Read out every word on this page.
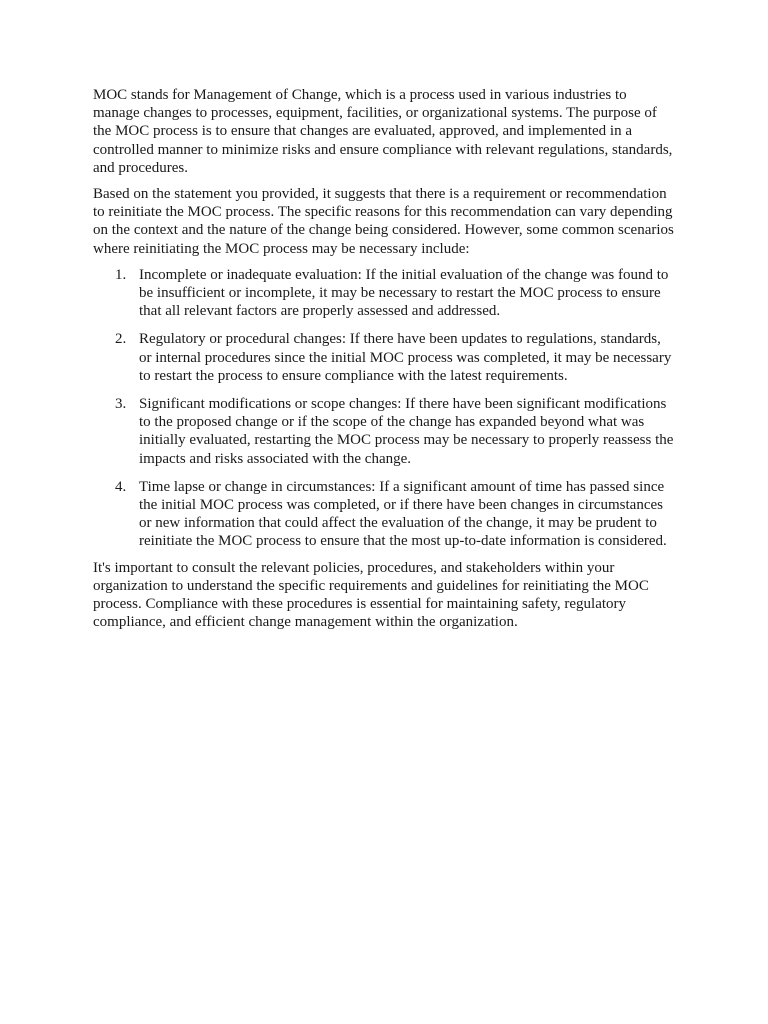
MOC stands for Management of Change, which is a process used in various industries to manage changes to processes, equipment, facilities, or organizational systems. The purpose of the MOC process is to ensure that changes are evaluated, approved, and implemented in a controlled manner to minimize risks and ensure compliance with relevant regulations, standards, and procedures.

Based on the statement you provided, it suggests that there is a requirement or recommendation to reinitiate the MOC process. The specific reasons for this recommendation can vary depending on the context and the nature of the change being considered. However, some common scenarios where reinitiating the MOC process may be necessary include:

1. Incomplete or inadequate evaluation: If the initial evaluation of the change was found to be insufficient or incomplete, it may be necessary to restart the MOC process to ensure that all relevant factors are properly assessed and addressed.
2. Regulatory or procedural changes: If there have been updates to regulations, standards, or internal procedures since the initial MOC process was completed, it may be necessary to restart the process to ensure compliance with the latest requirements.
3. Significant modifications or scope changes: If there have been significant modifications to the proposed change or if the scope of the change has expanded beyond what was initially evaluated, restarting the MOC process may be necessary to properly reassess the impacts and risks associated with the change.
4. Time lapse or change in circumstances: If a significant amount of time has passed since the initial MOC process was completed, or if there have been changes in circumstances or new information that could affect the evaluation of the change, it may be prudent to reinitiate the MOC process to ensure that the most up-to-date information is considered.

It's important to consult the relevant policies, procedures, and stakeholders within your organization to understand the specific requirements and guidelines for reinitiating the MOC process. Compliance with these procedures is essential for maintaining safety, regulatory compliance, and efficient change management within the organization.
